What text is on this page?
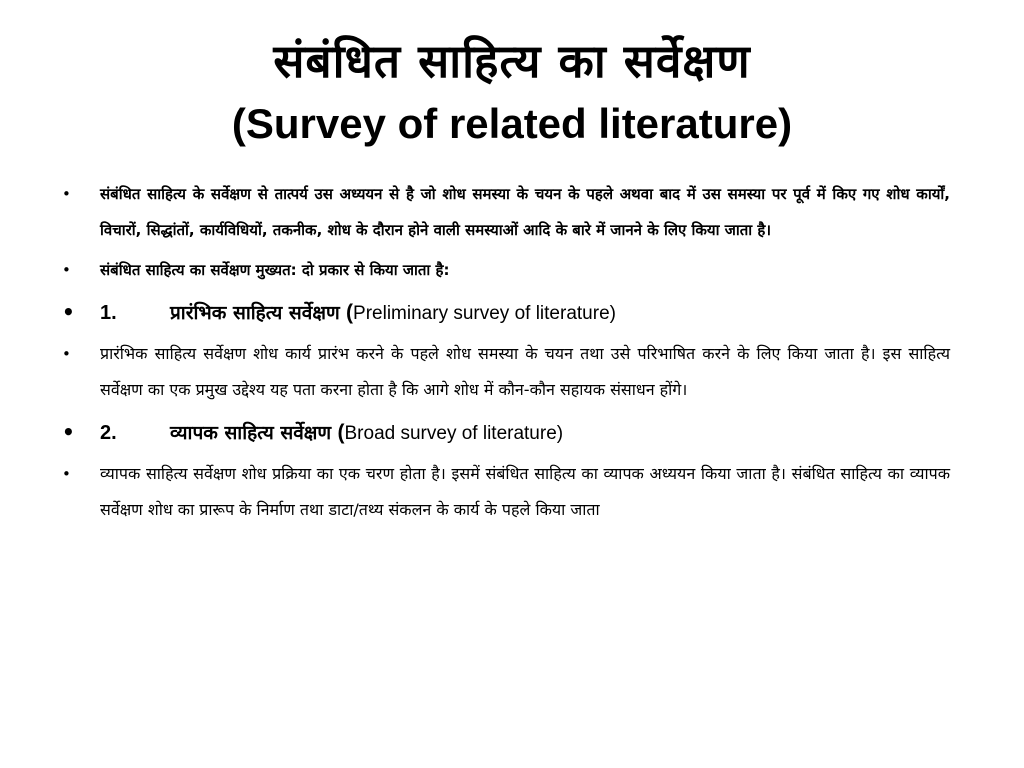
संबंधित साहित्य का सर्वेक्षण
(Survey of related literature)
•	संबंधित साहित्य के सर्वेक्षण से तात्पर्य उस अध्ययन से है जो शोध समस्या के चयन के पहले अथवा बाद में उस समस्या पर पूर्व में किए गए शोध कार्यों, विचारों, सिद्धांतों, कार्यविधियों, तकनीक, शोध के दौरान होने वाली समस्याओं आदि के बारे में जानने के लिए किया जाता है।
•	संबंधित साहित्य का सर्वेक्षण मुख्यत: दो प्रकार से किया जाता है:
•	1.	प्रारंभिक साहित्य सर्वेक्षण (Preliminary survey of literature)
•	प्रारंभिक साहित्य सर्वेक्षण शोध कार्य प्रारंभ करने के पहले शोध समस्या के चयन तथा उसे परिभाषित करने के लिए किया जाता है। इस साहित्य सर्वेक्षण का एक प्रमुख उद्देश्य यह पता करना होता है कि आगे शोध में कौन-कौन सहायक संसाधन होंगे।
•	2.	व्यापक साहित्य सर्वेक्षण (Broad survey of literature)
•	व्यापक साहित्य सर्वेक्षण शोध प्रक्रिया का एक चरण होता है। इसमें संबंधित साहित्य का व्यापक अध्ययन किया जाता है। संबंधित साहित्य का व्यापक सर्वेक्षण शोध का प्रारूप के निर्माण तथा डाटा/तथ्य संकलन के कार्य के पहले किया जाता
